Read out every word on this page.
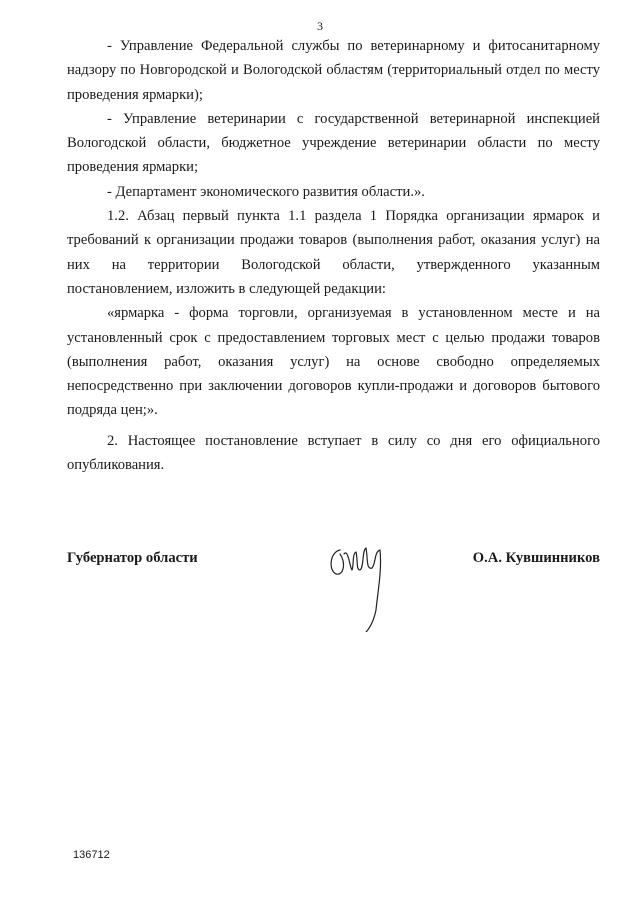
3

- Управление Федеральной службы по ветеринарному и фитосанитарному надзору по Новгородской и Вологодской областям (территориальный отдел по месту проведения ярмарки);

- Управление ветеринарии с государственной ветеринарной инспекцией Вологодской области, бюджетное учреждение ветеринарии области по месту проведения ярмарки;

- Департамент экономического развития области.».

1.2. Абзац первый пункта 1.1 раздела 1 Порядка организации ярмарок и требований к организации продажи товаров (выполнения работ, оказания услуг) на них на территории Вологодской области, утвержденного указанным постановлением, изложить в следующей редакции:

«ярмарка - форма торговли, организуемая в установленном месте и на установленный срок с предоставлением торговых мест с целью продажи товаров (выполнения работ, оказания услуг) на основе свободно определяемых непосредственно при заключении договоров купли-продажи и договоров бытового подряда цен;».

2. Настоящее постановление вступает в силу со дня его официального опубликования.

Губернатор области	О.А. Кувшинников
136712
